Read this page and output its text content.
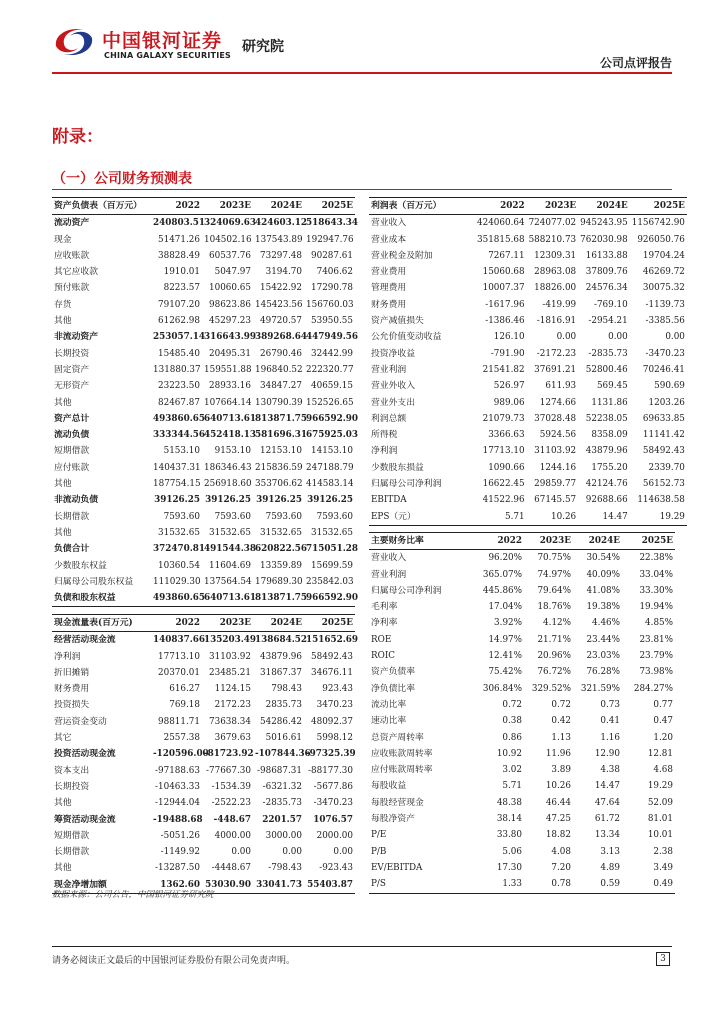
中国银河证券
CHINA GALAXY SECURITIES
研究院
公司点评报告
附录：
（一）公司财务预测表
资产负债表（百万元）	2022	2023E	2024E	2025E
流动资产	240803.51	324069.63	424603.12	518643.34
现金	51471.26	104502.16	137543.89	192947.76
应收账款	38828.49	60537.76	73297.48	90287.61
其它应收款	1910.01	5047.97	3194.70	7406.62
预付账款	8223.57	10060.65	15422.92	17290.78
存货	79107.20	98623.86	145423.56	156760.03
其他	61262.98	45297.23	49720.57	53950.55
非流动资产	253057.14	316643.99	389268.64	447949.56
长期投资	15485.40	20495.31	26790.46	32442.99
固定资产	131880.37	159551.88	196840.52	222320.77
无形资产	23223.50	28933.16	34847.27	40659.15
其他	82467.87	107664.14	130790.39	152526.65
资产总计	493860.65	640713.61	813871.75	966592.90
流动负债	333344.56	452418.13	581696.31	675925.03
短期借款	5153.10	9153.10	12153.10	14153.10
应付账款	140437.31	186346.43	215836.59	247188.79
其他	187754.15	256918.60	353706.62	414583.14
非流动负债	39126.25	39126.25	39126.25	39126.25
长期借款	7593.60	7593.60	7593.60	7593.60
其他	31532.65	31532.65	31532.65	31532.65
负债合计	372470.81	491544.38	620822.56	715051.28
少数股东权益	10360.54	11604.69	13359.89	15699.59
归属母公司股东权益	111029.30	137564.54	179689.30	235842.03
负债和股东权益	493860.65	640713.61	813871.75	966592.90
现金流量表(百万元)	2022	2023E	2024E	2025E
经营活动现金流	140837.66	135203.49	138684.52	151652.69
净利润	17713.10	31103.92	43879.96	58492.43
折旧摊销	20370.01	23485.21	31867.37	34676.11
财务费用	616.27	1124.15	798.43	923.43
投资损失	769.18	2172.23	2835.73	3470.23
营运资金变动	98811.71	73638.34	54286.42	48092.37
其它	2557.38	3679.63	5016.61	5998.12
投资活动现金流	-120596.00	-81723.92	-107844.36	-97325.39
资本支出	-97188.63	-77667.30	-98687.31	-88177.30
长期投资	-10463.33	-1534.39	-6321.32	-5677.86
其他	-12944.04	-2522.23	-2835.73	-3470.23
筹资活动现金流	-19488.68	-448.67	2201.57	1076.57
短期借款	-5051.26	4000.00	3000.00	2000.00
长期借款	-1149.92	0.00	0.00	0.00
其他	-13287.50	-4448.67	-798.43	-923.43
现金净增加额	1362.60	53030.90	33041.73	55403.87
利润表（百万元）	2022	2023E	2024E	2025E
营业收入	424060.64	724077.02	945243.95	1156742.90
营业成本	351815.68	588210.73	762030.98	926050.76
营业税金及附加	7267.11	12309.31	16133.88	19704.24
营业费用	15060.68	28963.08	37809.76	46269.72
管理费用	10007.37	18826.00	24576.34	30075.32
财务费用	-1617.96	-419.99	-769.10	-1139.73
资产减值损失	-1386.46	-1816.91	-2954.21	-3385.56
公允价值变动收益	126.10	0.00	0.00	0.00
投资净收益	-791.90	-2172.23	-2835.73	-3470.23
营业利润	21541.82	37691.21	52800.46	70246.41
营业外收入	526.97	611.93	569.45	590.69
营业外支出	989.06	1274.66	1131.86	1203.26
利润总额	21079.73	37028.48	52238.05	69633.85
所得税	3366.63	5924.56	8358.09	11141.42
净利润	17713.10	31103.92	43879.96	58492.43
少数股东损益	1090.66	1244.16	1755.20	2339.70
归属母公司净利润	16622.45	29859.77	42124.76	56152.73
EBITDA	41522.96	67145.57	92688.66	114638.58
EPS（元）	5.71	10.26	14.47	19.29
主要财务比率	2022	2023E	2024E	2025E
营业收入	96.20%	70.75%	30.54%	22.38%
营业利润	365.07%	74.97%	40.09%	33.04%
归属母公司净利润	445.86%	79.64%	41.08%	33.30%
毛利率	17.04%	18.76%	19.38%	19.94%
净利率	3.92%	4.12%	4.46%	4.85%
ROE	14.97%	21.71%	23.44%	23.81%
ROIC	12.41%	20.96%	23.03%	23.79%
资产负债率	75.42%	76.72%	76.28%	73.98%
净负债比率	306.84%	329.52%	321.59%	284.27%
流动比率	0.72	0.72	0.73	0.77
速动比率	0.38	0.42	0.41	0.47
总资产周转率	0.86	1.13	1.16	1.20
应收账款周转率	10.92	11.96	12.90	12.81
应付账款周转率	3.02	3.89	4.38	4.68
每股收益	5.71	10.26	14.47	19.29
每股经营现金	48.38	46.44	47.64	52.09
每股净资产	38.14	47.25	61.72	81.01
P/E	33.80	18.82	13.34	10.01
P/B	5.06	4.08	3.13	2.38
EV/EBITDA	17.30	7.20	4.89	3.49
P/S	1.33	0.78	0.59	0.49
数据来源：公司公告，中国银河证券研究院
请务必阅读正文最后的中国银河证券股份有限公司免责声明。	3
